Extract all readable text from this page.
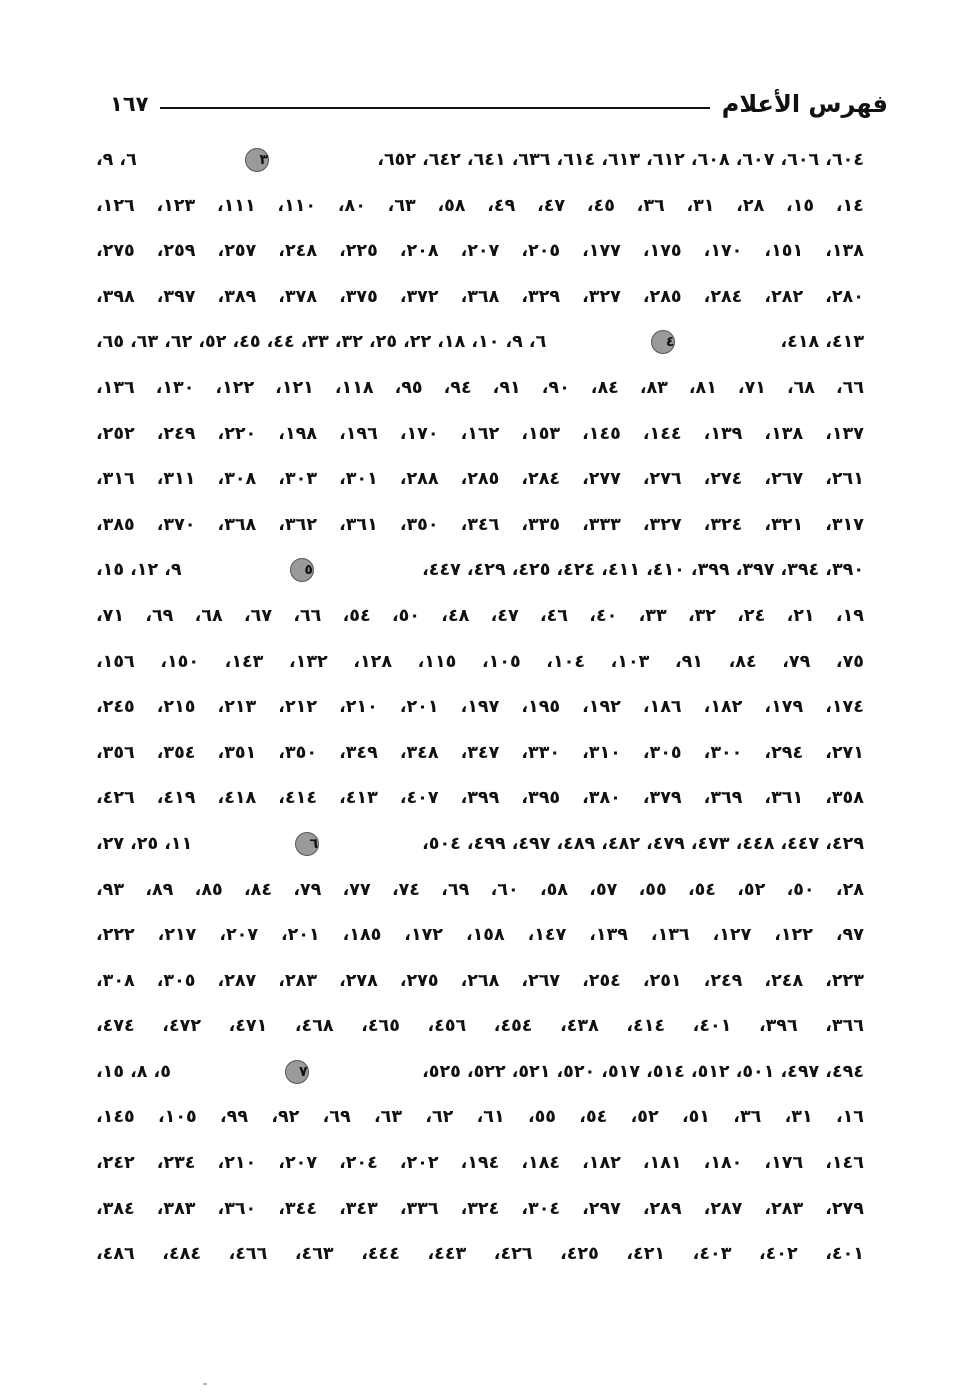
فهرس الأعلام
١٦٧
٦٠٤، ٦٠٦، ٦٠٧، ٦٠٨، ٦١٢، ٦١٣، ٦١٤، ٦٣٦، ٦٤١، ٦٤٢، ٦٥٢، ٣ ٦، ٩،
١٤، ١٥، ٢٨، ٣١، ٣٦، ٤٥، ٤٧، ٤٩، ٥٨، ٦٣، ٨٠، ١١٠، ١١١، ١٢٣، ١٢٦،
١٣٨، ١٥١، ١٧٠، ١٧٥، ١٧٧، ٢٠٥، ٢٠٧، ٢٠٨، ٢٢٥، ٢٤٨، ٢٥٧، ٢٥٩، ٢٧٥،
٢٨٠، ٢٨٢، ٢٨٤، ٢٨٥، ٣٢٧، ٣٢٩، ٣٦٨، ٣٧٢، ٣٧٥، ٣٧٨، ٣٨٩، ٣٩٧، ٣٩٨،
٤١٣، ٤١٨، ٤ ٦، ٩، ١٠، ١٨، ٢٢، ٢٥، ٣٢، ٣٣، ٤٤، ٤٥، ٥٢، ٦٢، ٦٣، ٦٥،
٦٦، ٦٨، ٧١، ٨١، ٨٣، ٨٤، ٩٠، ٩١، ٩٤، ٩٥، ١١٨، ١٢١، ١٢٢، ١٣٠، ١٣٦،
١٣٧، ١٣٨، ١٣٩، ١٤٤، ١٤٥، ١٥٣، ١٦٢، ١٧٠، ١٩٦، ١٩٨، ٢٢٠، ٢٤٩، ٢٥٢،
٢٦١، ٢٦٧، ٢٧٤، ٢٧٦، ٢٧٧، ٢٨٤، ٢٨٥، ٢٨٨، ٣٠١، ٣٠٣، ٣٠٨، ٣١١، ٣١٦،
٣١٧، ٣٢١، ٣٢٤، ٣٢٧، ٣٣٣، ٣٣٥، ٣٤٦، ٣٥٠، ٣٦١، ٣٦٢، ٣٦٨، ٣٧٠، ٣٨٥،
٣٩٠، ٣٩٤، ٣٩٧، ٣٩٩، ٤١٠، ٤١١، ٤٢٤، ٤٢٥، ٤٢٩، ٤٤٧، ٥ ٩، ١٢، ١٥،
١٩، ٢١، ٢٤، ٣٢، ٣٣، ٤٠، ٤٦، ٤٧، ٤٨، ٥٠، ٥٤، ٦٦، ٦٧، ٦٨، ٦٩، ٧١،
٧٥، ٧٩، ٨٤، ٩١، ١٠٣، ١٠٤، ١٠٥، ١١٥، ١٢٨، ١٣٢، ١٤٣، ١٥٠، ١٥٦،
١٧٤، ١٧٩، ١٨٢، ١٨٦، ١٩٢، ١٩٥، ١٩٧، ٢٠١، ٢١٠، ٢١٢، ٢١٣، ٢١٥، ٢٤٥،
٢٧١، ٢٩٤، ٣٠٠، ٣٠٥، ٣١٠، ٣٣٠، ٣٤٧، ٣٤٨، ٣٤٩، ٣٥٠، ٣٥١، ٣٥٤، ٣٥٦،
٣٥٨، ٣٦١، ٣٦٩، ٣٧٩، ٣٨٠، ٣٩٥، ٣٩٩، ٤٠٧، ٤١٣، ٤١٤، ٤١٨، ٤١٩، ٤٢٦،
٤٢٩، ٤٤٧، ٤٤٨، ٤٧٣، ٤٧٩، ٤٨٢، ٤٨٩، ٤٩٧، ٤٩٩، ٥٠٤، ٦ ١١، ٢٥، ٢٧،
٢٨، ٥٠، ٥٢، ٥٤، ٥٥، ٥٧، ٥٨، ٦٠، ٦٩، ٧٤، ٧٧، ٧٩، ٨٤، ٨٥، ٨٩، ٩٣،
٩٧، ١٢٢، ١٢٧، ١٣٦، ١٣٩، ١٤٧، ١٥٨، ١٧٢، ١٨٥، ٢٠١، ٢٠٧، ٢١٧، ٢٢٢،
٢٢٣، ٢٤٨، ٢٤٩، ٢٥١، ٢٥٤، ٢٦٧، ٢٦٨، ٢٧٥، ٢٧٨، ٢٨٣، ٢٨٧، ٣٠٥، ٣٠٨،
٣٦٦، ٣٩٦، ٤٠١، ٤١٤، ٤٣٨، ٤٥٤، ٤٥٦، ٤٦٥، ٤٦٨، ٤٧١، ٤٧٢، ٤٧٤،
٤٩٤، ٤٩٧، ٥٠١، ٥١٢، ٥١٤، ٥١٧، ٥٢٠، ٥٢١، ٥٢٢، ٥٢٥، ٧ ٥، ٨، ١٥،
١٦، ٣١، ٣٦، ٥١، ٥٢، ٥٤، ٥٥، ٦١، ٦٢، ٦٣، ٦٩، ٩٢، ٩٩، ١٠٥، ١٤٥،
١٤٦، ١٧٦، ١٨٠، ١٨١، ١٨٢، ١٨٤، ١٩٤، ٢٠٢، ٢٠٤، ٢٠٧، ٢١٠، ٢٣٤، ٢٤٢،
٢٧٩، ٢٨٣، ٢٨٧، ٢٨٩، ٢٩٧، ٣٠٤، ٣٢٤، ٣٣٦، ٣٤٣، ٣٤٤، ٣٦٠، ٣٨٣، ٣٨٤،
٤٠١، ٤٠٢، ٤٠٣، ٤٢١، ٤٢٥، ٤٢٦، ٤٤٣، ٤٤٤، ٤٦٣، ٤٦٦، ٤٨٤، ٤٨٦،
